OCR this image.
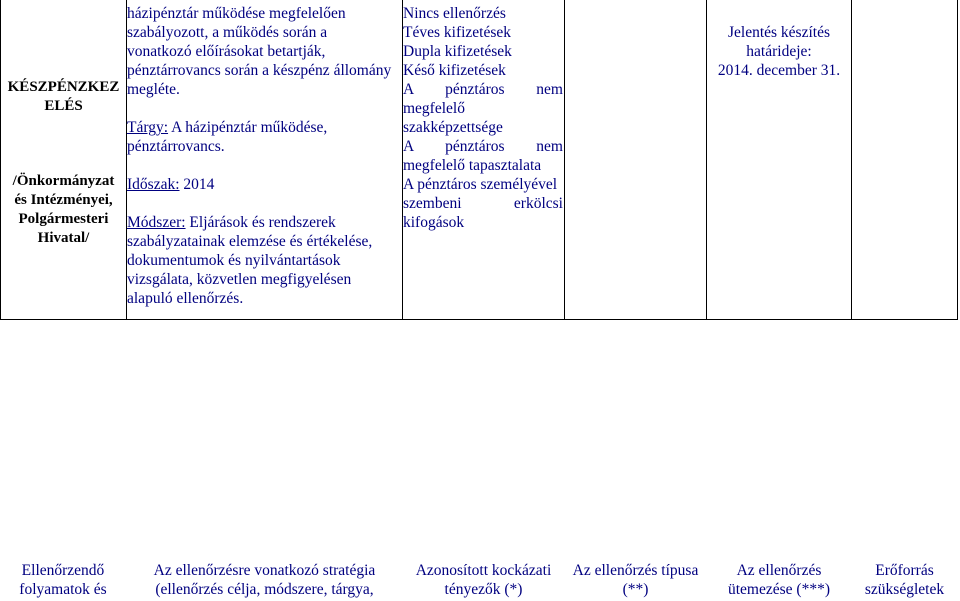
KÉSZPÉNZKEZ
ELÉS
/Önkormányzat
és Intézményei,
Polgármesteri
Hivatal/
házipénztár működése megfelelően
szabályozott, a működés során a
vonatkozó előírásokat betartják,
pénztárrovancs során a készpénz állomány
megléte.
Tárgy: A házipénztár működése,
pénztárrovancs.
Időszak: 2014
Módszer: Eljárások és rendszerek
szabályzatainak elemzése és értékelése,
dokumentumok és nyilvántartások
vizsgálata, közvetlen megfigyelésen
alapuló ellenőrzés.
Nincs ellenőrzés
Téves kifizetések
Dupla kifizetések
Késő kifizetések
A pénztáros nem
megfelelő
szakképzettsége
A pénztáros nem
megfelelő tapasztalata
A pénztáros személyével
szembeni erkölcsi
kifogások
Jelentés készítés
határideje:
2014. december 31.
Ellenőrzendő
folyamatok és
Az ellenőrzésre vonatkozó stratégia
(ellenőrzés célja, módszere, tárgya,
Azonosított kockázati
tényezők (*)
Az ellenőrzés típusa
(**)
Az ellenőrzés
ütemezése (***)
Erőforrás
szükségletek
